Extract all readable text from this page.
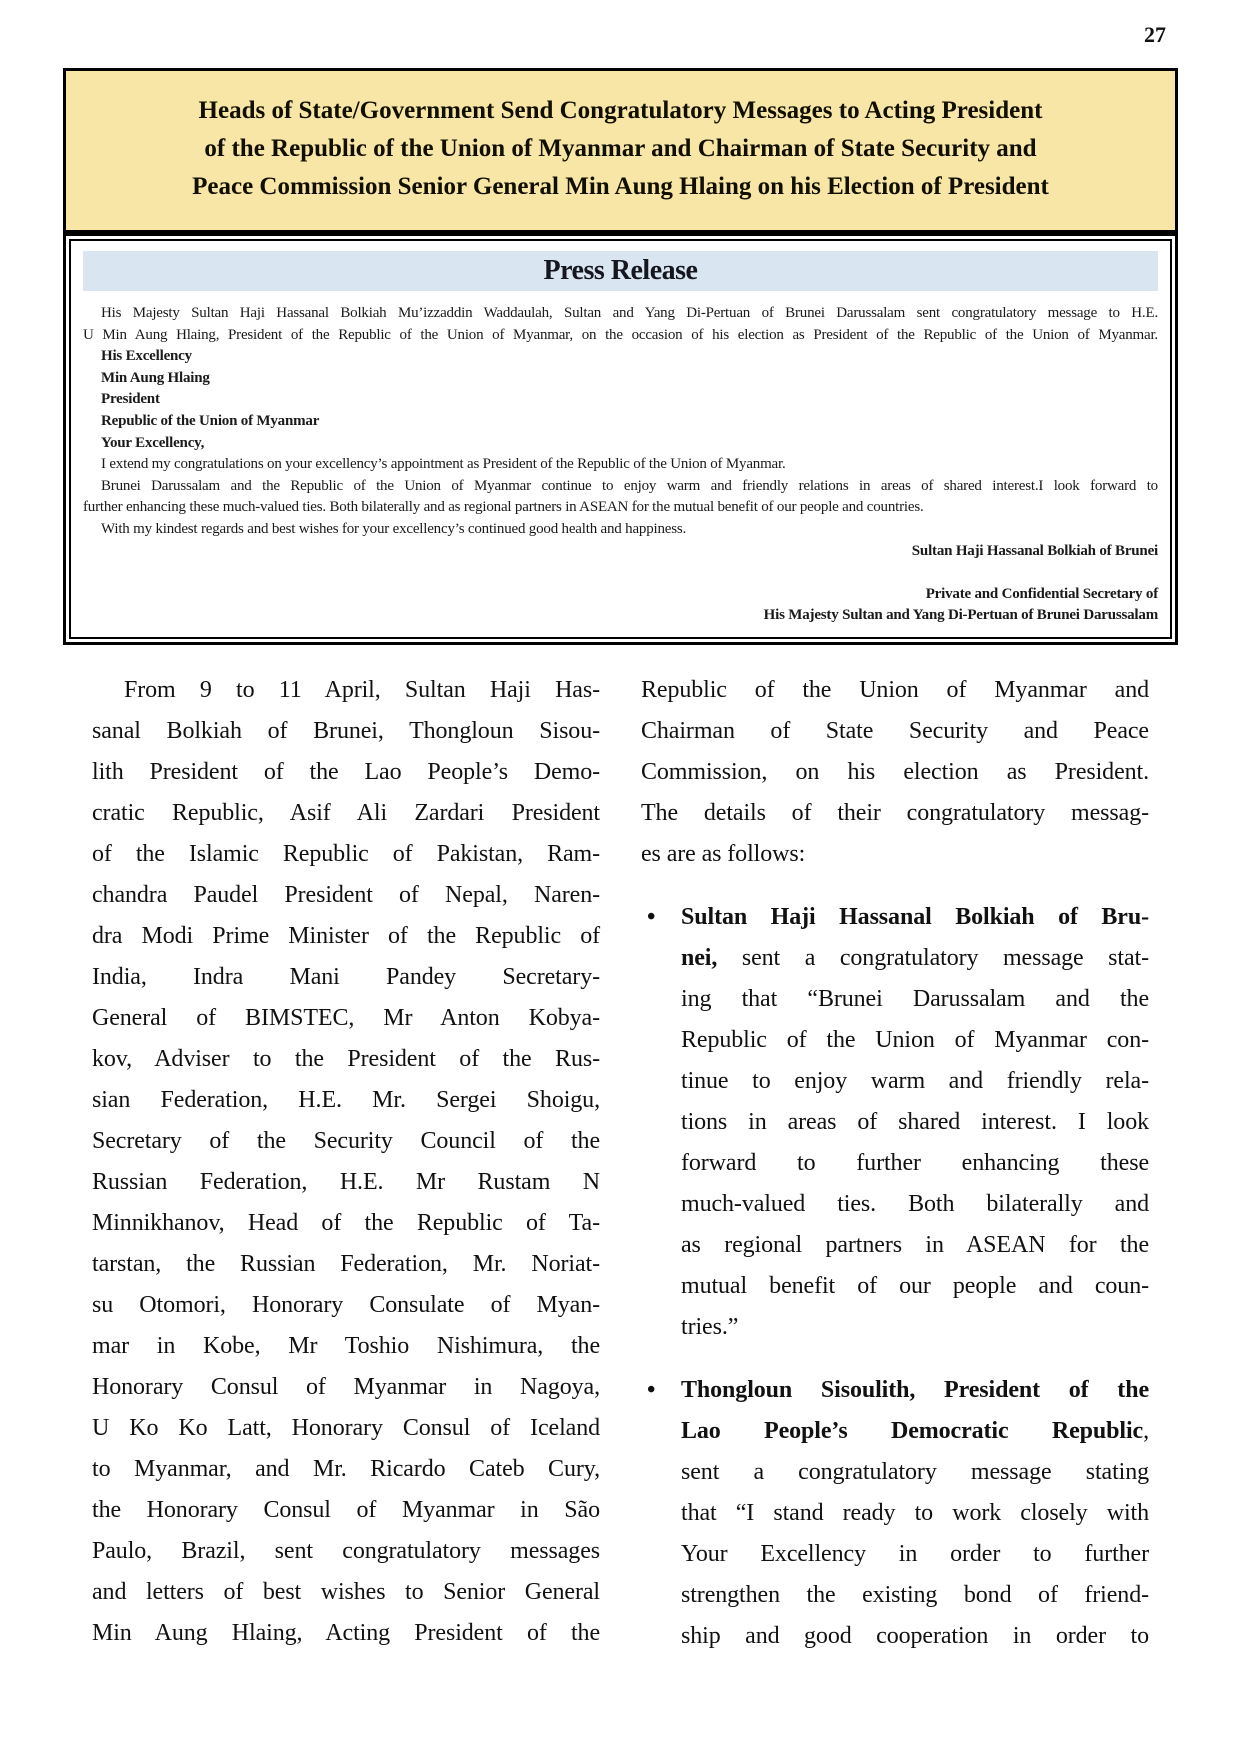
27
Heads of State/Government Send Congratulatory Messages to Acting President
of the Republic of the Union of Myanmar and Chairman of State Security and
Peace Commission Senior General Min Aung Hlaing on his Election of President
Press Release
His Majesty Sultan Haji Hassanal Bolkiah Mu’izzaddin Waddaulah, Sultan and Yang Di-Pertuan of Brunei Darussalam sent congratulatory message to H.E.
U Min Aung Hlaing, President of the Republic of the Union of Myanmar, on the occasion of his election as President of the Republic of the Union of Myanmar.
His Excellency
Min Aung Hlaing
President
Republic of the Union of Myanmar
Your Excellency,
I extend my congratulations on your excellency’s appointment as President of the Republic of the Union of Myanmar.
Brunei Darussalam and the Republic of the Union of Myanmar continue to enjoy warm and friendly relations in areas of shared interest.I look forward to
further enhancing these much-valued ties. Both bilaterally and as regional partners in ASEAN for the mutual benefit of our people and countries.
With my kindest regards and best wishes for your excellency’s continued good health and happiness.
Sultan Haji Hassanal Bolkiah of Brunei

Private and Confidential Secretary of
His Majesty Sultan and Yang Di-Pertuan of Brunei Darussalam
From 9 to 11 April, Sultan Haji Has-
sanal Bolkiah of Brunei, Thongloun Sisou-
lith President of the Lao People’s Demo-
cratic Republic, Asif Ali Zardari President
of the Islamic Republic of Pakistan, Ram-
chandra Paudel President of Nepal, Naren-
dra Modi Prime Minister of the Republic of
India, Indra Mani Pandey Secretary-
General of BIMSTEC, Mr Anton Kobya-
kov, Adviser to the President of the Rus-
sian Federation, H.E. Mr. Sergei Shoigu,
Secretary of the Security Council of the
Russian Federation, H.E. Mr Rustam N
Minnikhanov, Head of the Republic of Ta-
tarstan, the Russian Federation, Mr. Noriat-
su Otomori, Honorary Consulate of Myan-
mar in Kobe, Mr Toshio Nishimura, the
Honorary Consul of Myanmar in Nagoya,
U Ko Ko Latt, Honorary Consul of Iceland
to Myanmar, and Mr. Ricardo Cateb Cury,
the Honorary Consul of Myanmar in São
Paulo, Brazil, sent congratulatory messages
and letters of best wishes to Senior General
Min Aung Hlaing, Acting President of the
Republic of the Union of Myanmar and
Chairman of State Security and Peace
Commission, on his election as President.
The details of their congratulatory messag-
es are as follows:
• Sultan Haji Hassanal Bolkiah of Bru-
nei, sent a congratulatory message stat-
ing that “Brunei Darussalam and the
Republic of the Union of Myanmar con-
tinue to enjoy warm and friendly rela-
tions in areas of shared interest. I look
forward to further enhancing these
much-valued ties. Both bilaterally and
as regional partners in ASEAN for the
mutual benefit of our people and coun-
tries.”
• Thongloun Sisoulith, President of the
Lao People’s Democratic Republic,
sent a congratulatory message stating
that “I stand ready to work closely with
Your Excellency in order to further
strengthen the existing bond of friend-
ship and good cooperation in order to
